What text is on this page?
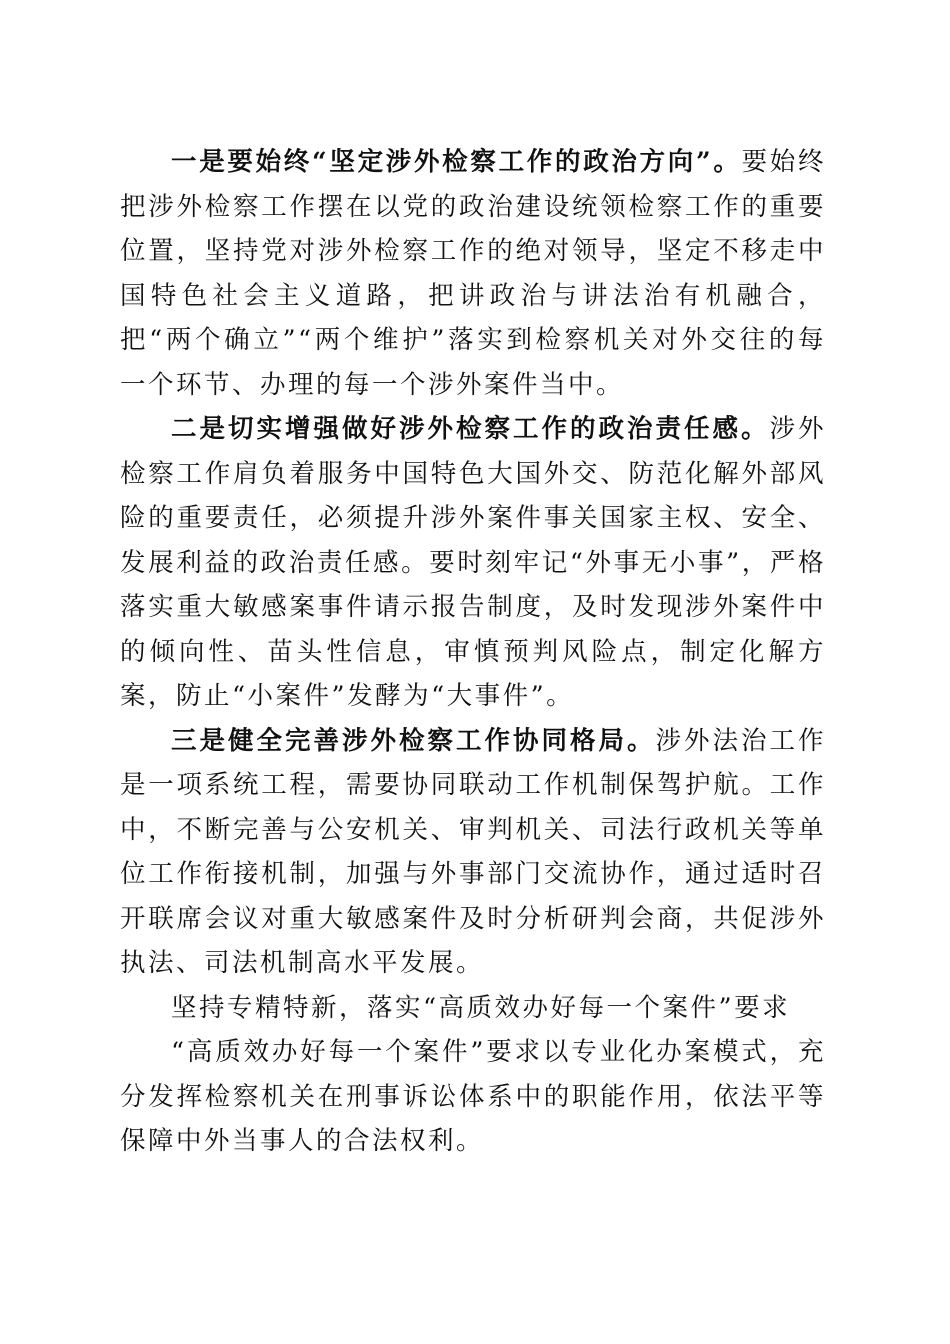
一是要始终“坚定涉外检察工作的政治方向”。要始终把涉外检察工作摆在以党的政治建设统领检察工作的重要位置，坚持党对涉外检察工作的绝对领导，坚定不移走中国特色社会主义道路，把讲政治与讲法治有机融合，把“两个确立”“两个维护”落实到检察机关对外交往的每一个环节、办理的每一个涉外案件当中。

二是切实增强做好涉外检察工作的政治责任感。涉外检察工作肩负着服务中国特色大国外交、防范化解外部风险的重要责任，必须提升涉外案件事关国家主权、安全、发展利益的政治责任感。要时刻牢记“外事无小事”，严格落实重大敏感案事件请示报告制度，及时发现涉外案件中的倾向性、苗头性信息，审慎预判风险点，制定化解方案，防止“小案件”发酵为“大事件”。

三是健全完善涉外检察工作协同格局。涉外法治工作是一项系统工程，需要协同联动工作机制保驾护航。工作中，不断完善与公安机关、审判机关、司法行政机关等单位工作衔接机制，加强与外事部门交流协作，通过适时召开联席会议对重大敏感案件及时分析研判会商，共促涉外执法、司法机制高水平发展。

坚持专精特新，落实“高质效办好每一个案件”要求

“高质效办好每一个案件”要求以专业化办案模式，充分发挥检察机关在刑事诉讼体系中的职能作用，依法平等保障中外当事人的合法权利。
